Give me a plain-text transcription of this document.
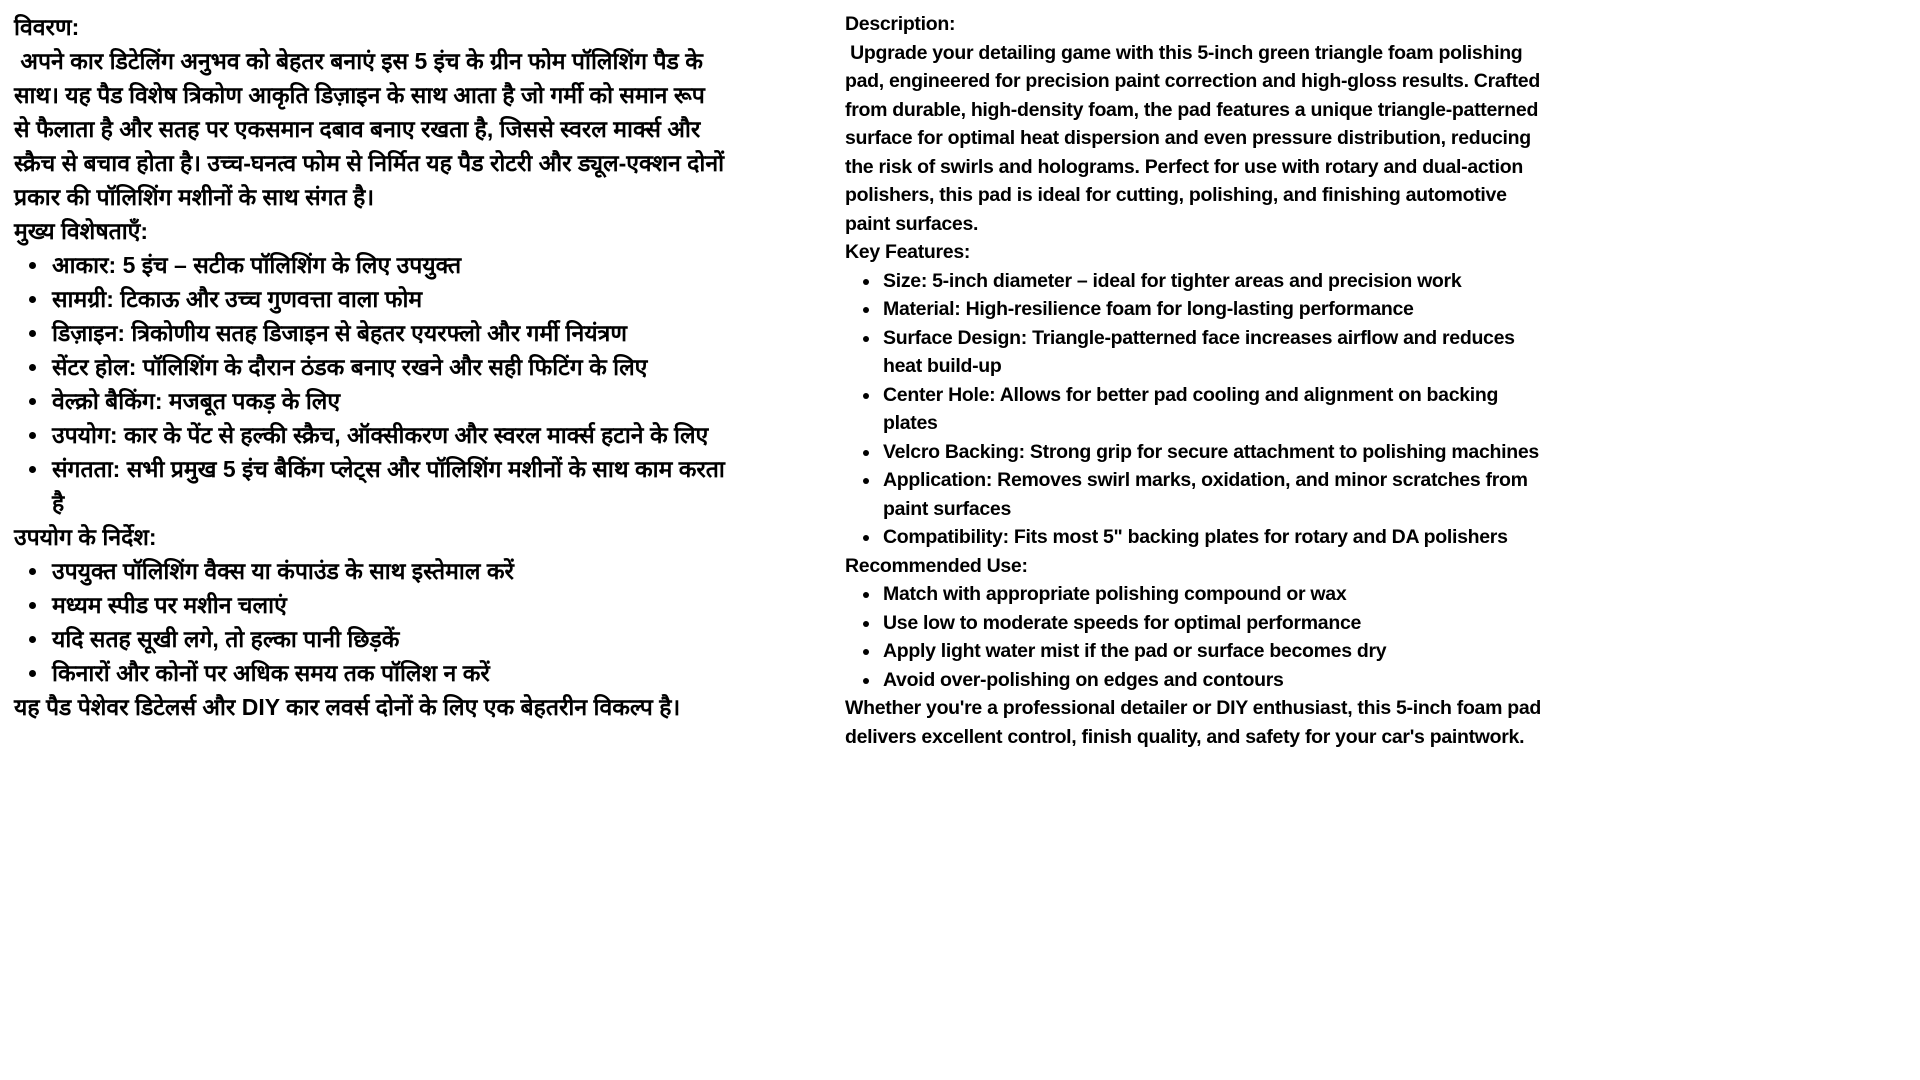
विवरण:

अपने कार डिटेलिंग अनुभव को बेहतर बनाएं इस 5 इंच के ग्रीन फोम पॉलिशिंग पैड के साथ। यह पैड विशेष त्रिकोण आकृति डिज़ाइन के साथ आता है जो गर्मी को समान रूप से फैलाता है और सतह पर एकसमान दबाव बनाए रखता है, जिससे स्वरल मार्क्स और स्क्रैच से बचाव होता है। उच्च-घनत्व फोम से निर्मित यह पैड रोटरी और ड्यूल-एक्शन दोनों प्रकार की पॉलिशिंग मशीनों के साथ संगत है।

मुख्य विशेषताएँ:

• आकार: 5 इंच – सटीक पॉलिशिंग के लिए उपयुक्त
• सामग्री: टिकाऊ और उच्च गुणवत्ता वाला फोम
• डिज़ाइन: त्रिकोणीय सतह डिजाइन से बेहतर एयरफ्लो और गर्मी नियंत्रण
• सेंटर होल: पॉलिशिंग के दौरान ठंडक बनाए रखने और सही फिटिंग के लिए
• वेल्क्रो बैकिंग: मजबूत पकड़ के लिए
• उपयोग: कार के पेंट से हल्की स्क्रैच, ऑक्सीकरण और स्वरल मार्क्स हटाने के लिए
• संगतता: सभी प्रमुख 5 इंच बैकिंग प्लेट्स और पॉलिशिंग मशीनों के साथ काम करता है

उपयोग के निर्देश:

• उपयुक्त पॉलिशिंग वैक्स या कंपाउंड के साथ इस्तेमाल करें
• मध्यम स्पीड पर मशीन चलाएं
• यदि सतह सूखी लगे, तो हल्का पानी छिड़कें
• किनारों और कोनों पर अधिक समय तक पॉलिश न करें

यह पैड पेशेवर डिटेलर्स और DIY कार लवर्स दोनों के लिए एक बेहतरीन विकल्प है।

Description:

Upgrade your detailing game with this 5-inch green triangle foam polishing pad, engineered for precision paint correction and high-gloss results. Crafted from durable, high-density foam, the pad features a unique triangle-patterned surface for optimal heat dispersion and even pressure distribution, reducing the risk of swirls and holograms. Perfect for use with rotary and dual-action polishers, this pad is ideal for cutting, polishing, and finishing automotive paint surfaces.

Key Features:

• Size: 5-inch diameter – ideal for tighter areas and precision work
• Material: High-resilience foam for long-lasting performance
• Surface Design: Triangle-patterned face increases airflow and reduces heat build-up
• Center Hole: Allows for better pad cooling and alignment on backing plates
• Velcro Backing: Strong grip for secure attachment to polishing machines
• Application: Removes swirl marks, oxidation, and minor scratches from paint surfaces
• Compatibility: Fits most 5" backing plates for rotary and DA polishers

Recommended Use:

• Match with appropriate polishing compound or wax
• Use low to moderate speeds for optimal performance
• Apply light water mist if the pad or surface becomes dry
• Avoid over-polishing on edges and contours

Whether you're a professional detailer or DIY enthusiast, this 5-inch foam pad delivers excellent control, finish quality, and safety for your car's paintwork.
